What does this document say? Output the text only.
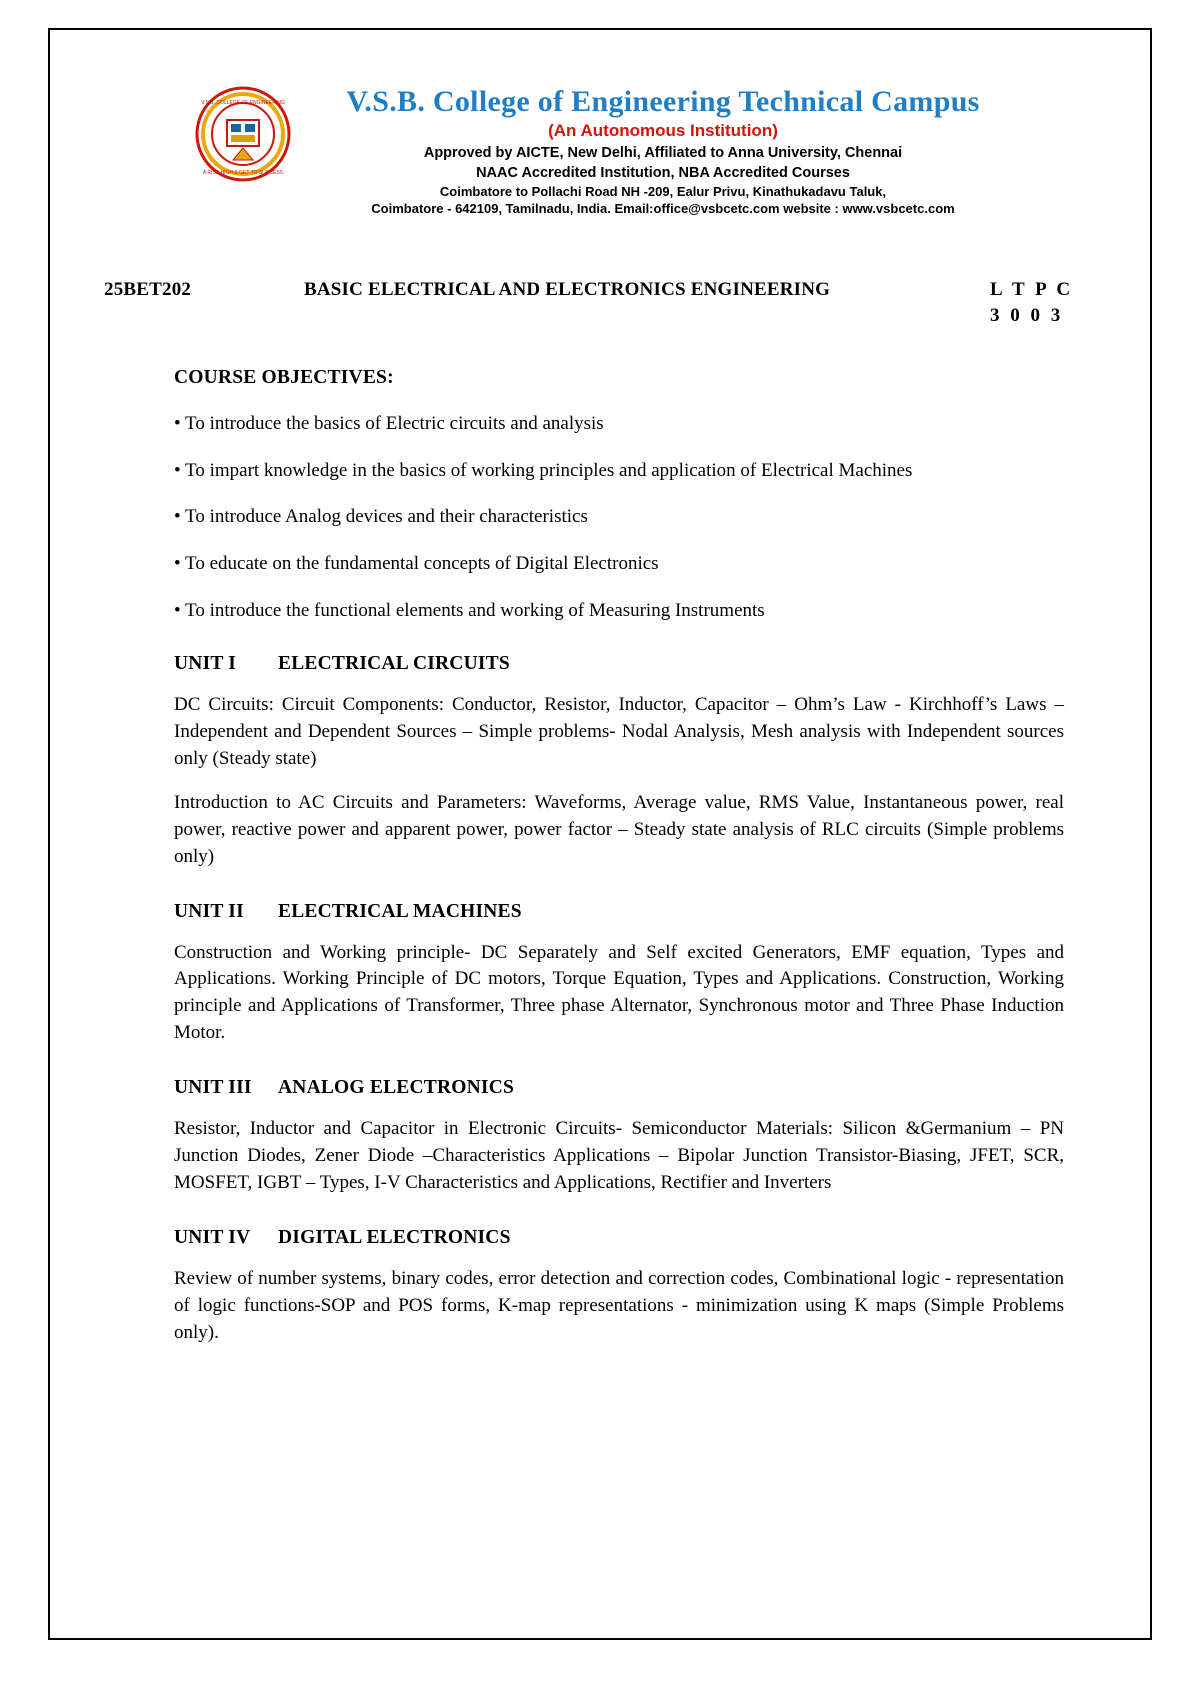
V.S.B. COLLEGE OF ENGINEERING
A RISE HIGH & GET TO SUCCESS
V.S.B. College of Engineering Technical Campus
(An Autonomous Institution)
Approved by AICTE, New Delhi, Affiliated to Anna University, Chennai
NAAC Accredited Institution, NBA Accredited Courses
Coimbatore to Pollachi Road NH -209, Ealur Privu, Kinathukadavu Taluk,
Coimbatore - 642109, Tamilnadu, India. Email:office@vsbcetc.com website : www.vsbcetc.com
25BET202	BASIC ELECTRICAL AND ELECTRONICS ENGINEERING	L T P C
3 0 0 3
COURSE OBJECTIVES:
• To introduce the basics of Electric circuits and analysis
• To impart knowledge in the basics of working principles and application of Electrical Machines
• To introduce Analog devices and their characteristics
• To educate on the fundamental concepts of Digital Electronics
• To introduce the functional elements and working of Measuring Instruments
UNIT I	ELECTRICAL CIRCUITS
DC Circuits: Circuit Components: Conductor, Resistor, Inductor, Capacitor – Ohm’s Law - Kirchhoff’s Laws –Independent and Dependent Sources – Simple problems- Nodal Analysis, Mesh analysis with Independent sources only (Steady state)
Introduction to AC Circuits and Parameters: Waveforms, Average value, RMS Value, Instantaneous power, real power, reactive power and apparent power, power factor – Steady state analysis of RLC circuits (Simple problems only)
UNIT II	ELECTRICAL MACHINES
Construction and Working principle- DC Separately and Self excited Generators, EMF equation, Types and Applications. Working Principle of DC motors, Torque Equation, Types and Applications. Construction, Working principle and Applications of Transformer, Three phase Alternator, Synchronous motor and Three Phase Induction Motor.
UNIT III	ANALOG ELECTRONICS
Resistor, Inductor and Capacitor in Electronic Circuits- Semiconductor Materials: Silicon &Germanium – PN Junction Diodes, Zener Diode –Characteristics Applications – Bipolar Junction Transistor-Biasing, JFET, SCR, MOSFET, IGBT – Types, I-V Characteristics and Applications, Rectifier and Inverters
UNIT IV	DIGITAL ELECTRONICS
Review of number systems, binary codes, error detection and correction codes, Combinational logic - representation of logic functions-SOP and POS forms, K-map representations - minimization using K maps (Simple Problems only).
